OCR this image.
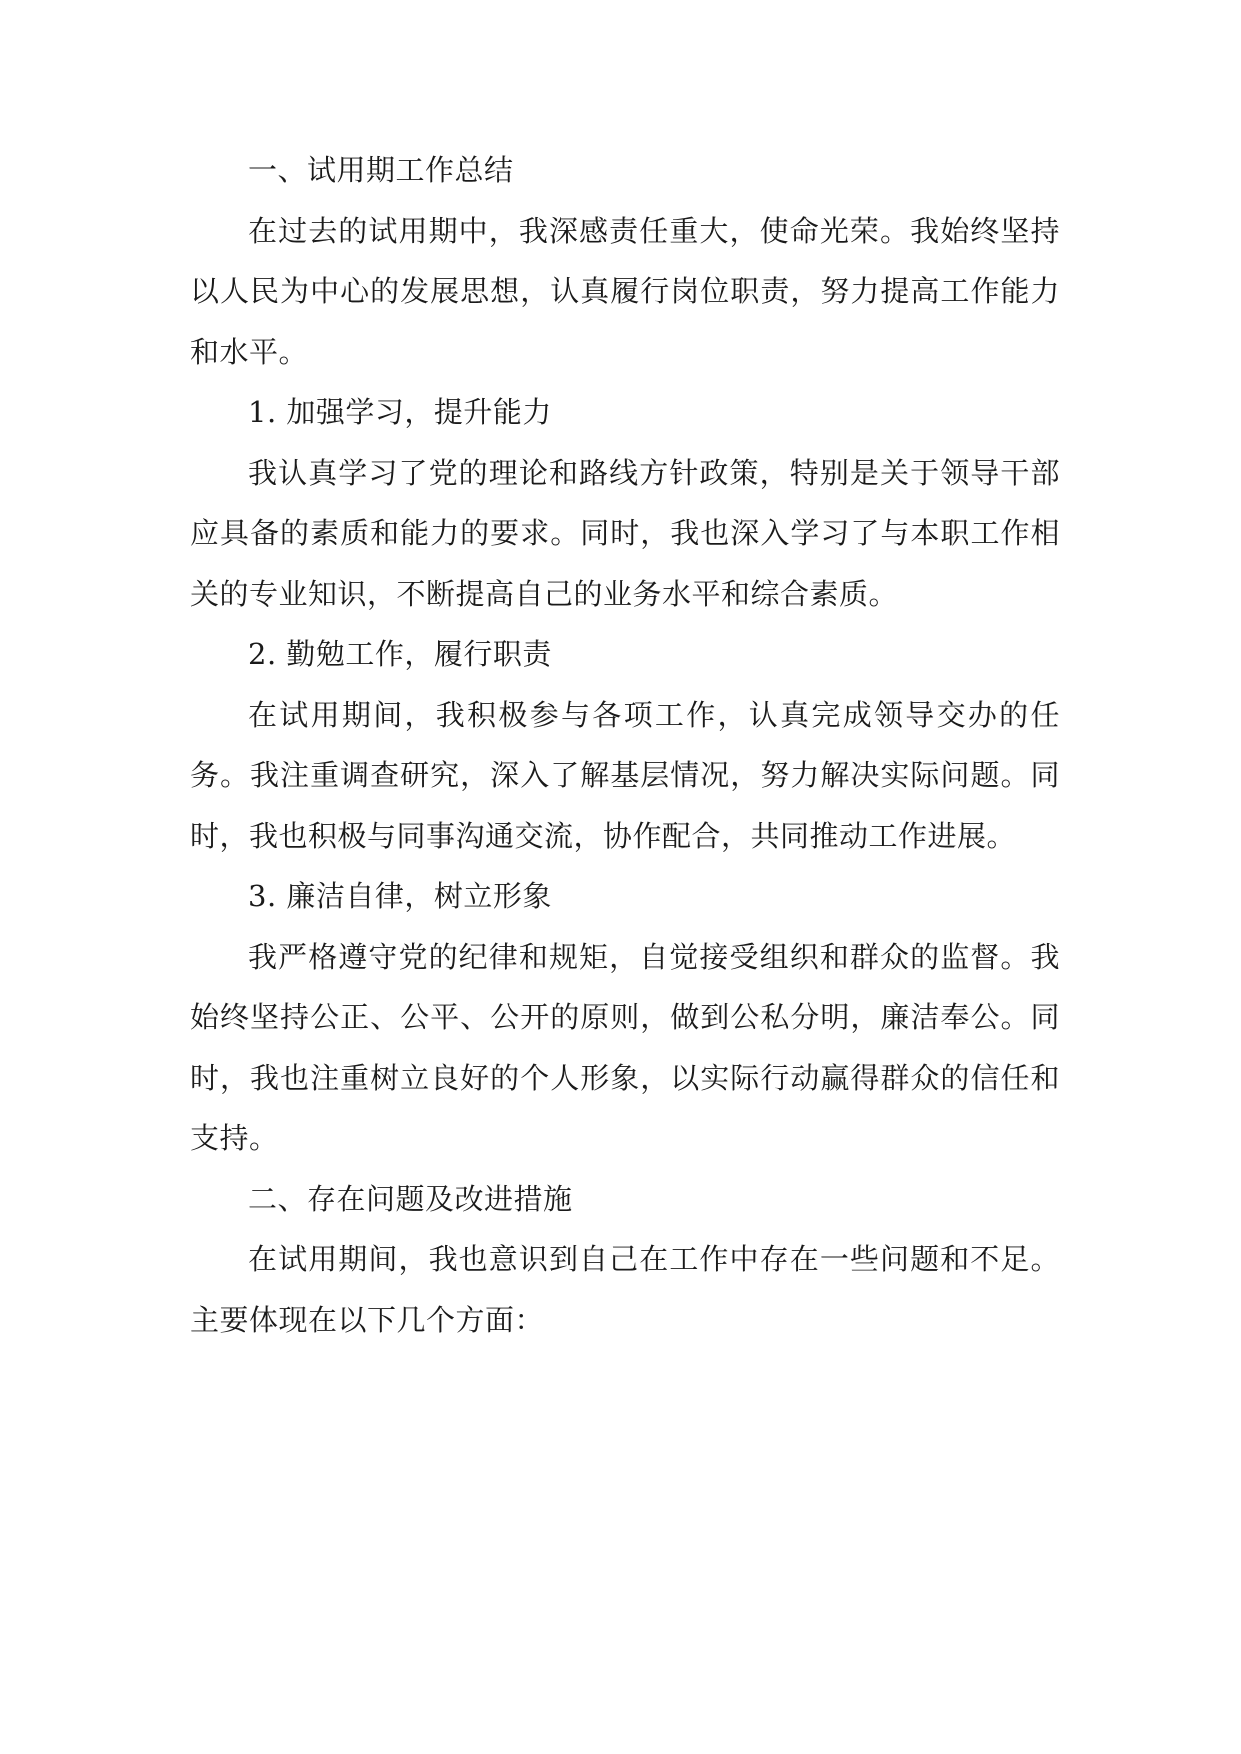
一、试用期工作总结

在过去的试用期中，我深感责任重大，使命光荣。我始终坚持以人民为中心的发展思想，认真履行岗位职责，努力提高工作能力和水平。

1. 加强学习，提升能力

我认真学习了党的理论和路线方针政策，特别是关于领导干部应具备的素质和能力的要求。同时，我也深入学习了与本职工作相关的专业知识，不断提高自己的业务水平和综合素质。

2. 勤勉工作，履行职责

在试用期间，我积极参与各项工作，认真完成领导交办的任务。我注重调查研究，深入了解基层情况，努力解决实际问题。同时，我也积极与同事沟通交流，协作配合，共同推动工作进展。

3. 廉洁自律，树立形象

我严格遵守党的纪律和规矩，自觉接受组织和群众的监督。我始终坚持公正、公平、公开的原则，做到公私分明，廉洁奉公。同时，我也注重树立良好的个人形象，以实际行动赢得群众的信任和支持。

二、存在问题及改进措施

在试用期间，我也意识到自己在工作中存在一些问题和不足。主要体现在以下几个方面：
